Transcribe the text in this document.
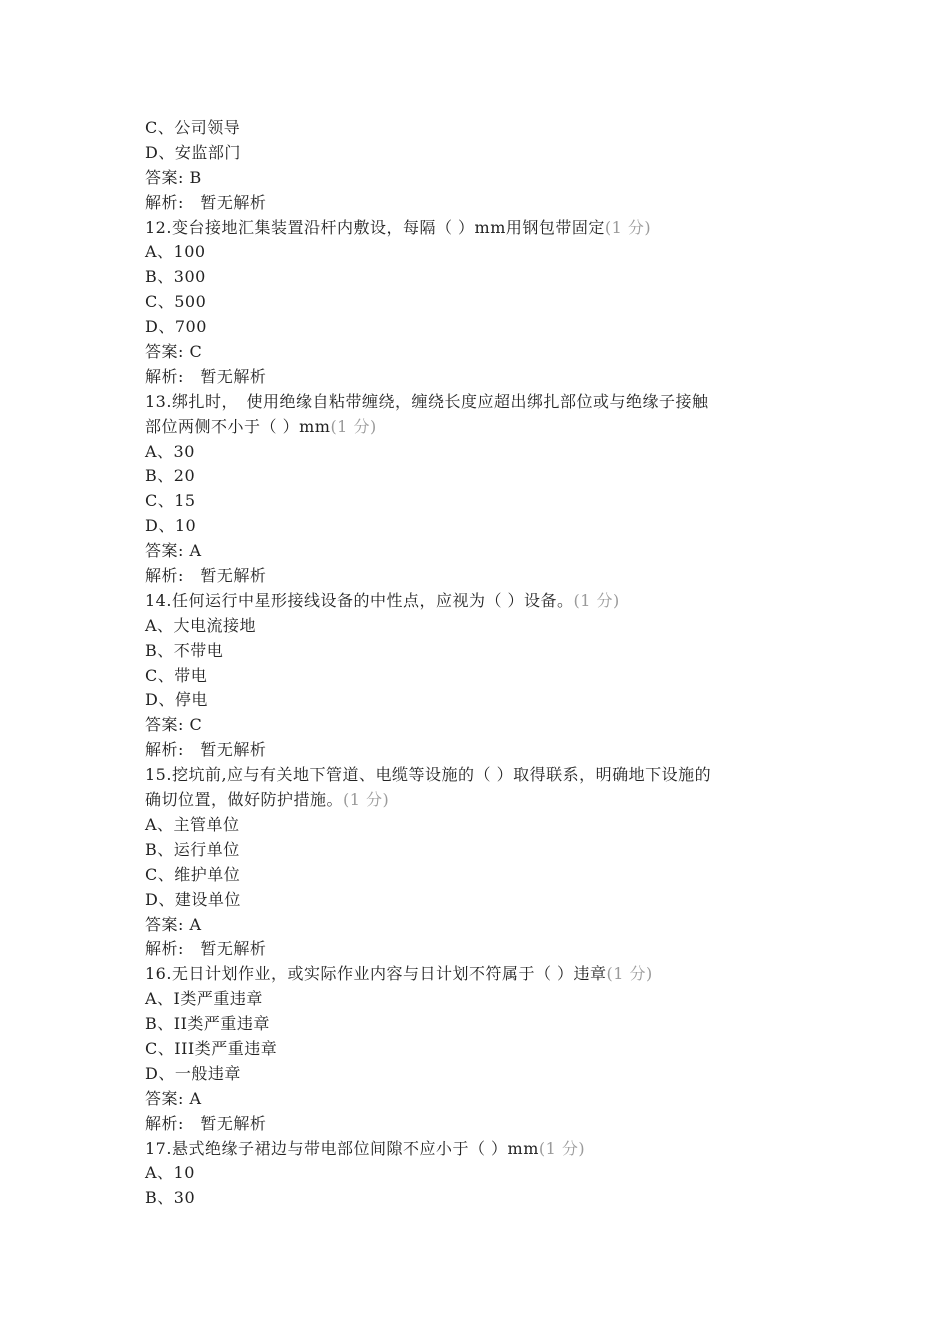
C、公司领导
D、安监部门
答案: B
解析:　暂无解析
12.变台接地汇集装置沿杆内敷设，每隔（ ）mm用钢包带固定(1 分)
A、100
B、300
C、500
D、700
答案: C
解析:　暂无解析
13.绑扎时，　使用绝缘自粘带缠绕，缠绕长度应超出绑扎部位或与绝缘子接触
部位两侧不小于（ ）mm(1 分)
A、30
B、20
C、15
D、10
答案: A
解析:　暂无解析
14.任何运行中星形接线设备的中性点，应视为（ ）设备。(1 分)
A、大电流接地
B、不带电
C、带电
D、停电
答案: C
解析:　暂无解析
15.挖坑前,应与有关地下管道、电缆等设施的（ ）取得联系，明确地下设施的
确切位置，做好防护措施。(1 分)
A、主管单位
B、运行单位
C、维护单位
D、建设单位
答案: A
解析:　暂无解析
16.无日计划作业，或实际作业内容与日计划不符属于（ ）违章(1 分)
A、I类严重违章
B、II类严重违章
C、III类严重违章
D、一般违章
答案: A
解析:　暂无解析
17.悬式绝缘子裙边与带电部位间隙不应小于（ ）mm(1 分)
A、10
B、30
